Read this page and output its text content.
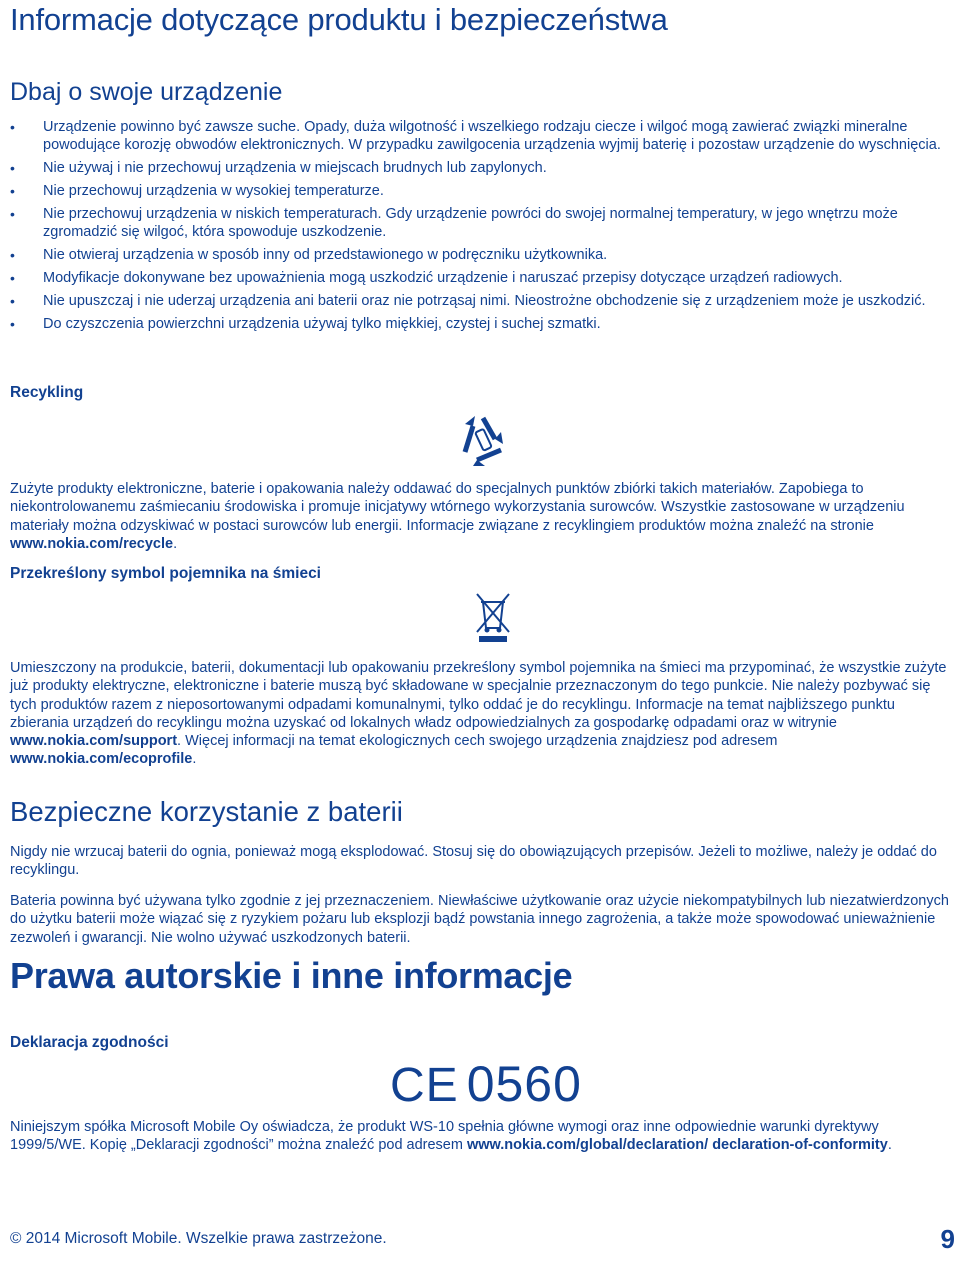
Informacje dotyczące produktu i bezpieczeństwa
Dbaj o swoje urządzenie
• Urządzenie powinno być zawsze suche. Opady, duża wilgotność i wszelkiego rodzaju ciecze i wilgoć mogą zawierać związki mineralne powodujące korozję obwodów elektronicznych. W przypadku zawilgocenia urządzenia wyjmij baterię i pozostaw urządzenie do wyschnięcia.
• Nie używaj i nie przechowuj urządzenia w miejscach brudnych lub zapylonych.
• Nie przechowuj urządzenia w wysokiej temperaturze.
• Nie przechowuj urządzenia w niskich temperaturach. Gdy urządzenie powróci do swojej normalnej temperatury, w jego wnętrzu może zgromadzić się wilgoć, która spowoduje uszkodzenie.
• Nie otwieraj urządzenia w sposób inny od przedstawionego w podręczniku użytkownika.
• Modyfikacje dokonywane bez upoważnienia mogą uszkodzić urządzenie i naruszać przepisy dotyczące urządzeń radiowych.
• Nie upuszczaj i nie uderzaj urządzenia ani baterii oraz nie potrząsaj nimi. Nieostrożne obchodzenie się z urządzeniem może je uszkodzić.
• Do czyszczenia powierzchni urządzenia używaj tylko miękkiej, czystej i suchej szmatki.
Recykling

Zużyte produkty elektroniczne, baterie i opakowania należy oddawać do specjalnych punktów zbiórki takich materiałów. Zapobiega to niekontrolowanemu zaśmiecaniu środowiska i promuje inicjatywy wtórnego wykorzystania surowców. Wszystkie zastosowane w urządzeniu materiały można odzyskiwać w postaci surowców lub energii. Informacje związane z recyklingiem produktów można znaleźć na stronie www.nokia.com/recycle.

Przekreślony symbol pojemnika na śmieci

Umieszczony na produkcie, baterii, dokumentacji lub opakowaniu przekreślony symbol pojemnika na śmieci ma przypominać, że wszystkie zużyte już produkty elektryczne, elektroniczne i baterie muszą być składowane w specjalnie przeznaczonym do tego punkcie. Nie należy pozbywać się tych produktów razem z nieposortowanymi odpadami komunalnymi, tylko oddać je do recyklingu. Informacje na temat najbliższego punktu zbierania urządzeń do recyklingu można uzyskać od lokalnych władz odpowiedzialnych za gospodarkę odpadami oraz w witrynie www.nokia.com/support. Więcej informacji na temat ekologicznych cech swojego urządzenia znajdziesz pod adresem www.nokia.com/ecoprofile.

Bezpieczne korzystanie z baterii

Nigdy nie wrzucaj baterii do ognia, ponieważ mogą eksplodować. Stosuj się do obowiązujących przepisów. Jeżeli to możliwe, należy je oddać do recyklingu.

Bateria powinna być używana tylko zgodnie z jej przeznaczeniem. Niewłaściwe użytkowanie oraz użycie niekompatybilnych lub niezatwierdzonych do użytku baterii może wiązać się z ryzykiem pożaru lub eksplozji bądź powstania innego zagrożenia, a także może spowodować unieważnienie zezwoleń i gwarancji. Nie wolno używać uszkodzonych baterii.

Prawa autorskie i inne informacje
Deklaracja zgodności
CE 0560

Niniejszym spółka Microsoft Mobile Oy oświadcza, że produkt WS-10 spełnia główne wymogi oraz inne odpowiednie warunki dyrektywy 1999/5/WE. Kopię „Deklaracji zgodności” można znaleźć pod adresem www.nokia.com/global/declaration/ declaration-of-conformity.

© 2014 Microsoft Mobile. Wszelkie prawa zastrzeżone.	9
